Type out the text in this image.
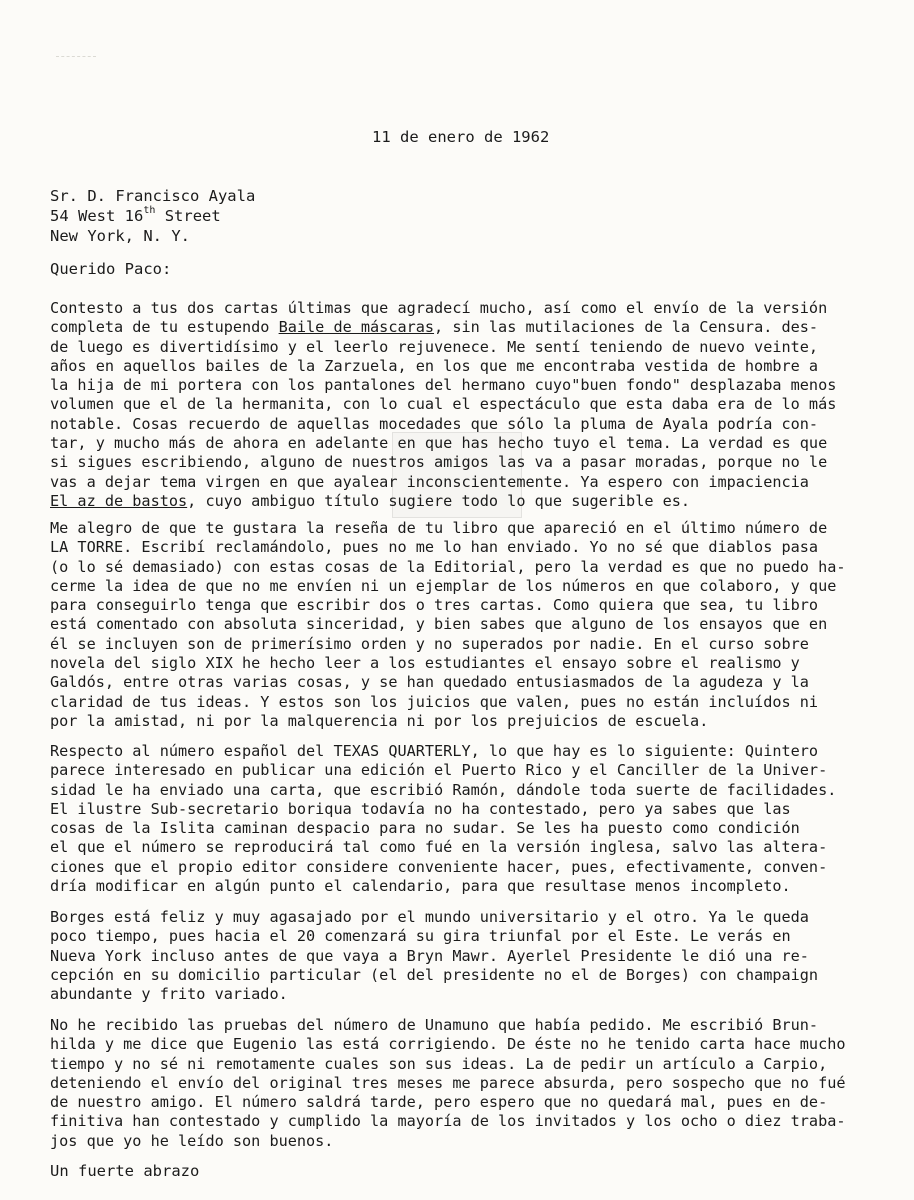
11 de enero de 1962
Sr. D. Francisco Ayala
54 West 16th Street
New York, N. Y.
Querido Paco:
Contesto a tus dos cartas últimas que agradecí mucho, así como el envío de la versión
completa de tu estupendo Baile de máscaras, sin las mutilaciones de la Censura. des-
de luego es divertidísimo y el leerlo rejuvenece. Me sentí teniendo de nuevo veinte,
años en aquellos bailes de la Zarzuela, en los que me encontraba vestida de hombre a
la hija de mi portera con los pantalones del hermano cuyo"buen fondo" desplazaba menos
volumen que el de la hermanita, con lo cual el espectáculo que esta daba era de lo más
notable. Cosas recuerdo de aquellas mocedades que sólo la pluma de Ayala podría con-
tar, y mucho más de ahora en adelante en que has hecho tuyo el tema. La verdad es que
si sigues escribiendo, alguno de nuestros amigos las va a pasar moradas, porque no le
vas a dejar tema virgen en que ayalear inconscientemente. Ya espero con impaciencia
El az de bastos, cuyo ambiguo título sugiere todo lo que sugerible es.
Me alegro de que te gustara la reseña de tu libro que apareció en el último número de
LA TORRE. Escribí reclamándolo, pues no me lo han enviado. Yo no sé que diablos pasa
(o lo sé demasiado) con estas cosas de la Editorial, pero la verdad es que no puedo ha-
cerme la idea de que no me envíen ni un ejemplar de los números en que colaboro, y que
para conseguirlo tenga que escribir dos o tres cartas. Como quiera que sea, tu libro
está comentado con absoluta sinceridad, y bien sabes que alguno de los ensayos que en
él se incluyen son de primerísimo orden y no superados por nadie. En el curso sobre
novela del siglo XIX he hecho leer a los estudiantes el ensayo sobre el realismo y
Galdós, entre otras varias cosas, y se han quedado entusiasmados de la agudeza y la
claridad de tus ideas. Y estos son los juicios que valen, pues no están incluídos ni
por la amistad, ni por la malquerencia ni por los prejuicios de escuela.
Respecto al número español del TEXAS QUARTERLY, lo que hay es lo siguiente: Quintero
parece interesado en publicar una edición el Puerto Rico y el Canciller de la Univer-
sidad le ha enviado una carta, que escribió Ramón, dándole toda suerte de facilidades.
El ilustre Sub-secretario boriqua todavía no ha contestado, pero ya sabes que las
cosas de la Islita caminan despacio para no sudar. Se les ha puesto como condición
el que el número se reproducirá tal como fué en la versión inglesa, salvo las altera-
ciones que el propio editor considere conveniente hacer, pues, efectivamente, conven-
dría modificar en algún punto el calendario, para que resultase menos incompleto.
Borges está feliz y muy agasajado por el mundo universitario y el otro. Ya le queda
poco tiempo, pues hacia el 20 comenzará su gira triunfal por el Este. Le verás en
Nueva York incluso antes de que vaya a Bryn Mawr. Ayerlel Presidente le dió una re-
cepción en su domicilio particular (el del presidente no el de Borges) con champaign
abundante y frito variado.
No he recibido las pruebas del número de Unamuno que había pedido. Me escribió Brun-
hilda y me dice que Eugenio las está corrigiendo. De éste no he tenido carta hace mucho
tiempo y no sé ni remotamente cuales son sus ideas. La de pedir un artículo a Carpio,
deteniendo el envío del original tres meses me parece absurda, pero sospecho que no fué
de nuestro amigo. El número saldrá tarde, pero espero que no quedará mal, pues en de-
finitiva han contestado y cumplido la mayoría de los invitados y los ocho o diez traba-
jos que yo he leído son buenos.
Un fuerte abrazo
